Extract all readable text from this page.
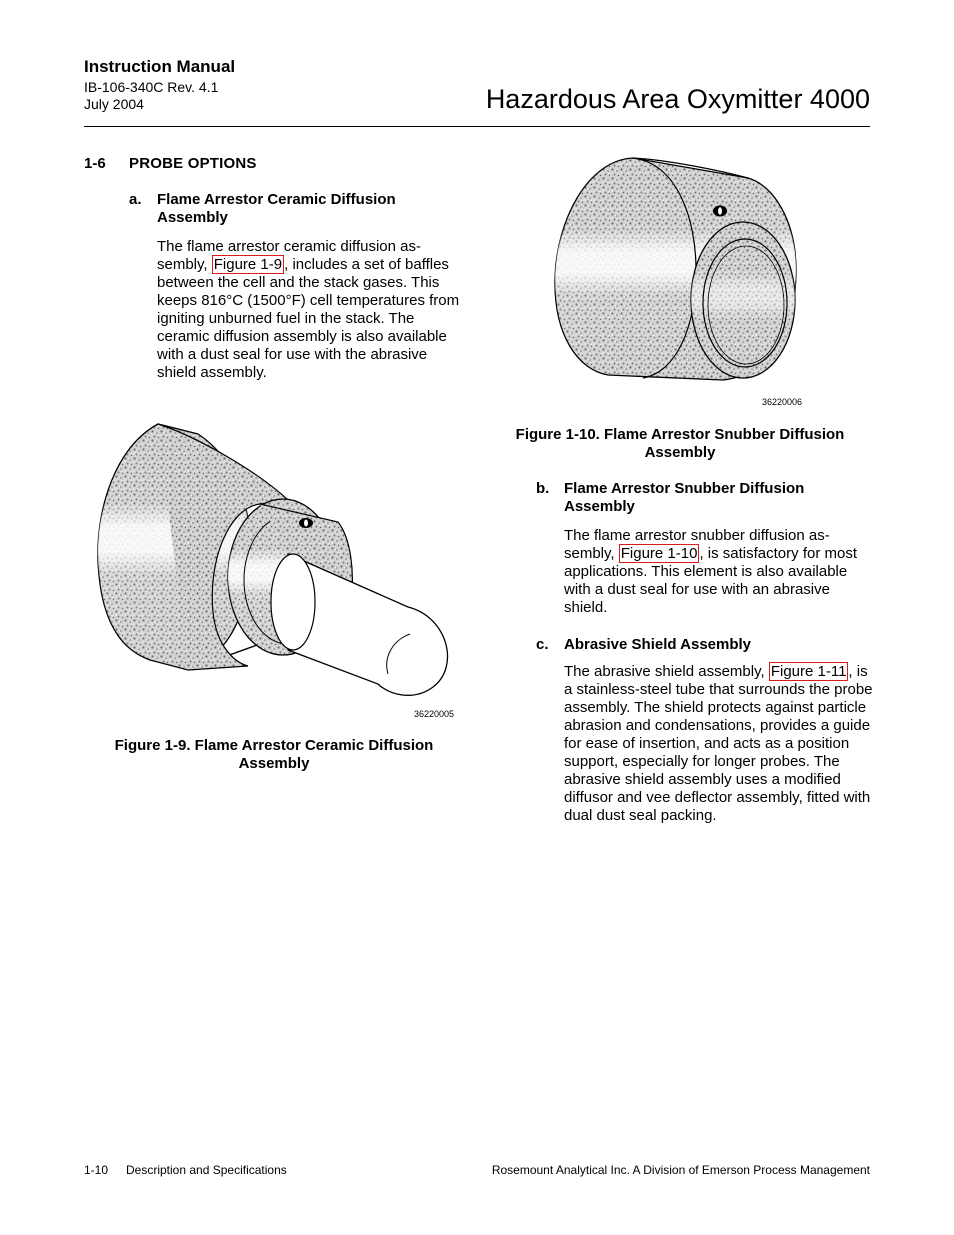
Instruction Manual
IB-106-340C Rev. 4.1
July 2004	Hazardous Area Oxymitter 4000
1-6 PROBE OPTIONS
a. Flame Arrestor Ceramic Diffusion
Assembly
The flame arrestor ceramic diffusion as-
sembly, Figure 1-9 , includes a set of baffles between the cell and the stack gases. This keeps 816°C (1500°F) cell temperatures from igniting unburned fuel in the stack. The ceramic diffusion assembly is also available with a dust seal for use with the abrasive shield assembly.
36220005
Figure 1-9. Flame Arrestor Ceramic Diffusion
Assembly
36220006
Figure 1-10. Flame Arrestor Snubber Diffusion
Assembly
b. Flame Arrestor Snubber Diffusion
Assembly
The flame arrestor snubber diffusion as-
sembly, Figure 1-10 , is satisfactory for most applications. This element is also available with a dust seal for use with an abrasive shield.
c. Abrasive Shield Assembly
The abrasive shield assembly, Figure 1-11 , is a stainless-steel tube that surrounds the probe assembly. The shield protects against particle abrasion and condensations, provides a guide for ease of insertion, and acts as a position support, especially for longer probes. The abrasive shield assembly uses a modified diffusor and vee deflector assembly, fitted with dual dust seal packing.
1-10 Description and Specifications	Rosemount Analytical Inc. A Division of Emerson Process Management
